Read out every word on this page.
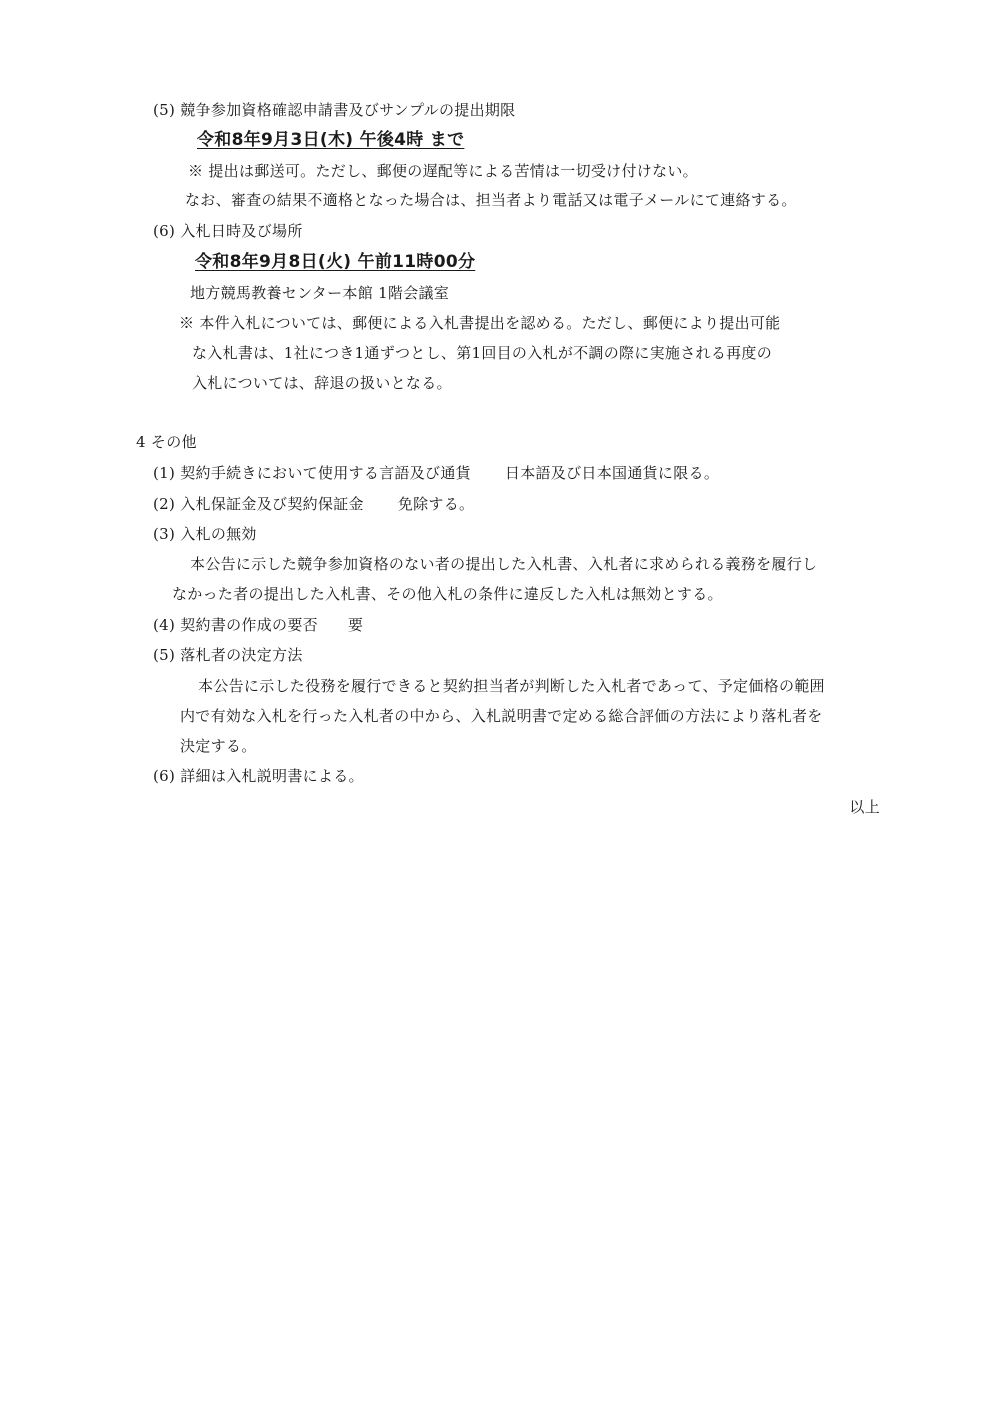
(5) 競争参加資格確認申請書及びサンプルの提出期限
令和8年9月3日(木) 午後4時 まで
※ 提出は郵送可。ただし、郵便の遅配等による苦情は一切受け付けない。
なお、審査の結果不適格となった場合は、担当者より電話又は電子メールにて連絡する。
(6) 入札日時及び場所
令和8年9月8日(火) 午前11時00分
地方競馬教養センター本館 1階会議室
※ 本件入札については、郵便による入札書提出を認める。ただし、郵便により提出可能
な入札書は、1社につき1通ずつとし、第1回目の入札が不調の際に実施される再度の
入札については、辞退の扱いとなる。
4 その他
(1) 契約手続きにおいて使用する言語及び通貨 日本語及び日本国通貨に限る。
(2) 入札保証金及び契約保証金 免除する。
(3) 入札の無効
本公告に示した競争参加資格のない者の提出した入札書、入札者に求められる義務を履行し
なかった者の提出した入札書、その他入札の条件に違反した入札は無効とする。
(4) 契約書の作成の要否 要
(5) 落札者の決定方法
本公告に示した役務を履行できると契約担当者が判断した入札者であって、予定価格の範囲
内で有効な入札を行った入札者の中から、入札説明書で定める総合評価の方法により落札者を
決定する。
(6) 詳細は入札説明書による。
以上
